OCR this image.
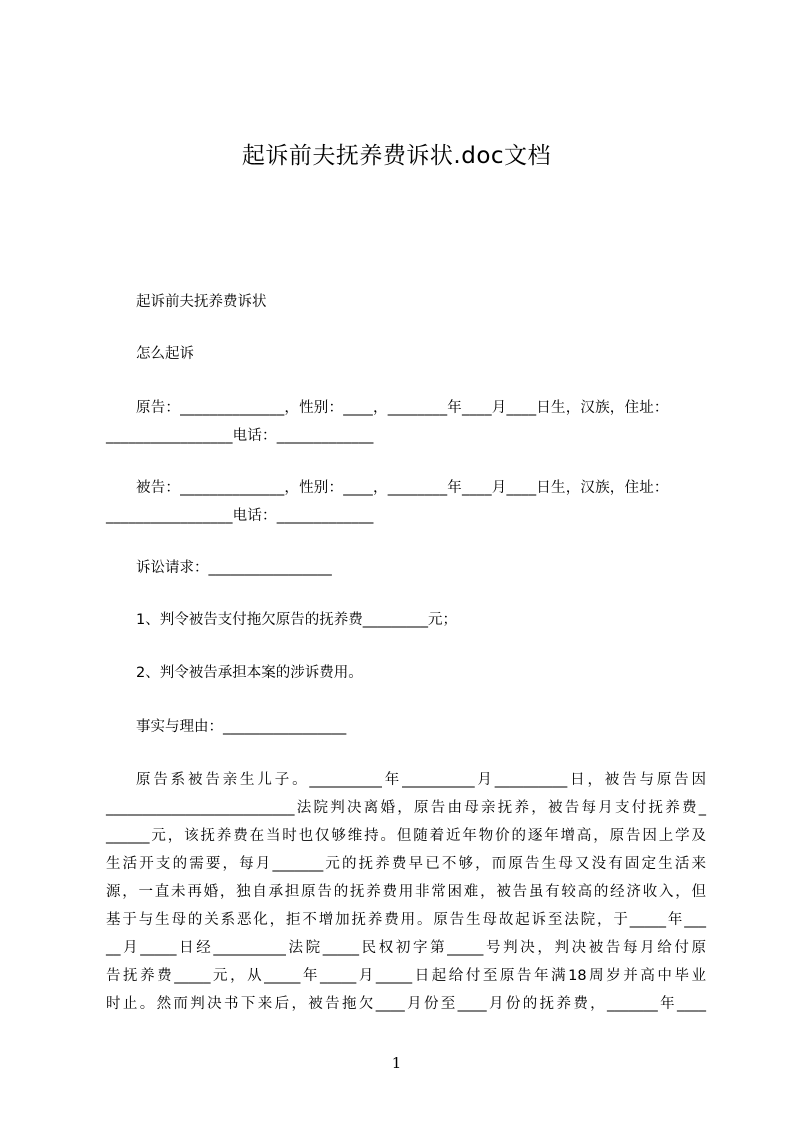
起诉前夫抚养费诉状.doc文档
起诉前夫抚养费诉状
怎么起诉
原告：______________，性别：____，________年____月____日生，汉族，住址：_________________电话：_____________
被告：______________，性别：____，________年____月____日生，汉族，住址：_________________电话：_____________
诉讼请求：_________________
1、判令被告支付拖欠原告的抚养费_________元；
2、判令被告承担本案的涉诉费用。
事实与理由：_________________
原告系被告亲生儿子。__________年__________月__________日，被告与原告因
__________________________法院判决离婚，原告由母亲抚养，被告每月支付抚养费_
______元，该抚养费在当时也仅够维持。但随着近年物价的逐年增高，原告因上学及
生活开支的需要，每月_______元的抚养费早已不够，而原告生母又没有固定生活来
源，一直未再婚，独自承担原告的抚养费用非常困难，被告虽有较高的经济收入，但
基于与生母的关系恶化，拒不增加抚养费用。原告生母故起诉至法院，于_____年___
__月_____日经__________法院_____民权初字第_____号判决，判决被告每月给付原
告抚养费_____元，从_____年_____月_____日起给付至原告年满18周岁并高中毕业
时止。然而判决书下来后，被告拖欠____月份至____月份的抚养费，_______年____
1
